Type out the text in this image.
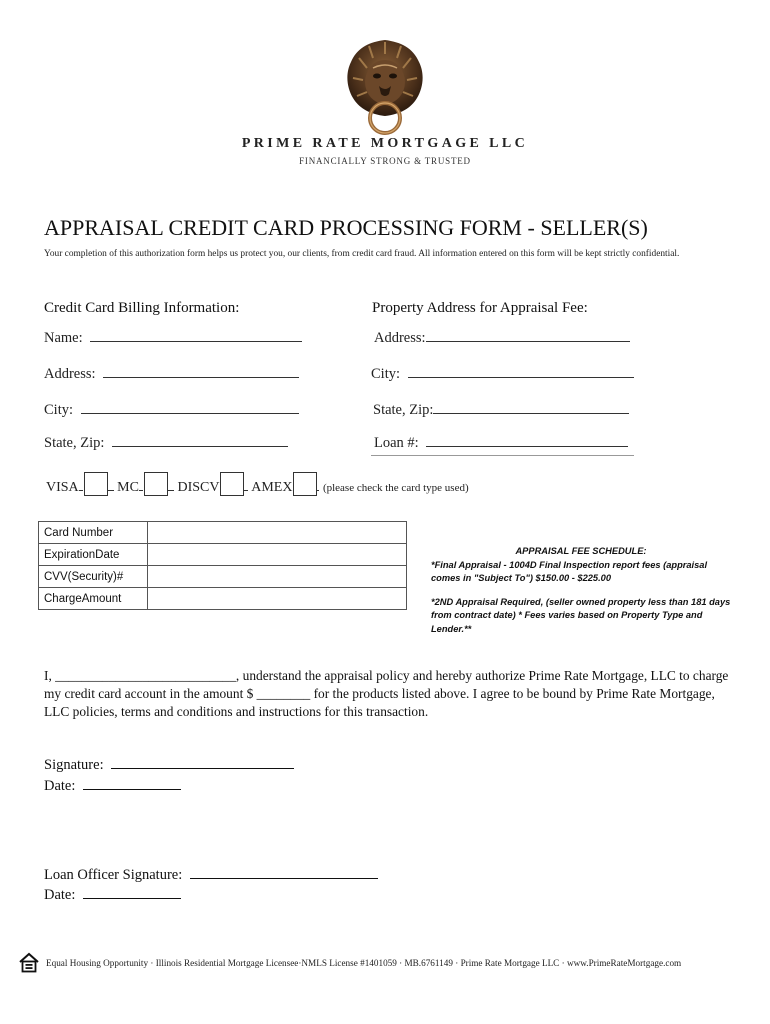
PRIME RATE MORTGAGE LLC
FINANCIALLY STRONG & TRUSTED
APPRAISAL CREDIT CARD PROCESSING FORM - SELLER(S)
Your completion of this authorization form helps us protect you, our clients, from credit card fraud. All information entered on this form will be kept strictly confidential.
Credit Card Billing Information:
Name:
Address:
City:
State, Zip:
Property Address for Appraisal Fee:
Address:
City:
State, Zip:
Loan #:
VISA	MC	DISCV AMEX	(please check the card type used)
Card Number	
ExpirationDate	
CVV(Security)#	
ChargeAmount	

APPRAISAL FEE SCHEDULE:

*Final Appraisal - 1004D Final Inspection report fees (appraisal comes in "Subject To") $150.00 - $225.00

*2ND Appraisal Required, (seller owned property less than 181 days from contract date) * Fees varies based on Property Type and Lender.**

I, ___________________________, understand the appraisal policy and hereby authorize Prime Rate Mortgage, LLC to charge my credit card account in the amount $ ________ for the products listed above. I agree to be bound by Prime Rate Mortgage, LLC policies, terms and conditions and instructions for this transaction.
Signature:
Date:
Loan Officer Signature:
Date:
Equal Housing Opportunity · Illinois Residential Mortgage Licensee·NMLS License #1401059 · MB.6761149 · Prime Rate Mortgage LLC · www.PrimeRateMortgage.com
